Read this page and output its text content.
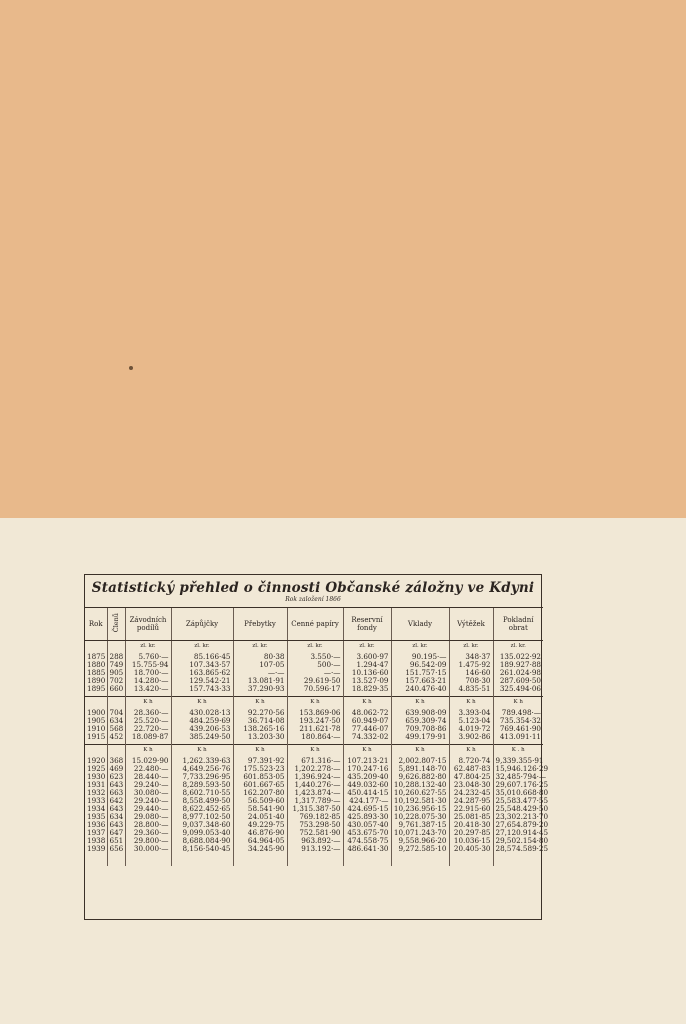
Statistický přehled o činnosti Občanské záložny ve Kdyni
Rok založení 1866
Rok	Členů	Závodních podílů	Zápůjčky	Přebytky	Cenné papíry	Reservní fondy	Vklady	Výtěžek	Pokladní obrat
		zl. kr.	zl. kr.	zl. kr.	zl. kr.	zl. kr.	zl. kr.	zl. kr.	zl. kr.
1875	288	5.760·—	85.166·45	80·38	3.550·—	3.600·97	90.195·—	348·37	135.022·92
1880	749	15.755·94	107.343·57	107·05	500·—	1.294·47	96.542·09	1.475·92	189.927·88
1885	905	18.700·—	163.865·62	—·—	—·—	10.136·60	151.757·15	146·60	261.024·98
1890	702	14.280·—	129.542·21	13.081·91	29.619·50	13.527·09	157.663·21	708·30	287.609·50
1895	660	13.420·—	157.743·33	37.290·93	70.596·17	18.829·35	240.476·40	4.835·51	325.494·06

		K h	K h	K h	K h	K h	K h	K h	K h
1900	704	28.360·—	430.028·13	92.270·56	153.869·06	48.062·72	639.908·09	3.393·04	789.498·—
1905	634	25.520·—	484.259·69	36.714·08	193.247·50	60.949·07	659.309·74	5.123·04	735.354·32
1910	568	22.720·—	439.206·53	138.265·16	211.621·78	77.446·07	709.708·86	4.019·72	769.461·90
1915	452	18.089·87	385.249·50	13.203·30	180.864·—	74.332·02	499.179·91	3.902·86	413.091·11

		K h	K h	K h	K h	K h	K h	K h	K . h
1920	368	15.029·90	1,262.339·63	97.391·92	671.316·—	107.213·21	2,002.807·15	8.720·74	9,339.355·91
1925	469	22.480·—	4,649.256·76	175.523·23	1,202.278·—	170.247·16	5,891.148·70	62.487·83	15,946.126·29
1930	623	28.440·—	7,733.296·95	601.853·05	1,396.924·—	435.209·40	9,626.882·80	47.804·25	32,485·794·—
1931	643	29.240·—	8,289.593·50	601.667·65	1,440.276·—	449.032·60	10,288.132·40	23.048·30	29,607.176·25
1932	663	30.080·—	8,602.710·55	162.207·80	1,423.874·—	450.414·15	10,260.627·55	24.232·45	35,010.668·80
1933	642	29.240·—	8,558.499·50	56.509·60	1,317.789·—	424.177·—	10,192.581·30	24.287·95	25,583.477·55
1934	643	29.440·—	8,622.452·65	58.541·90	1,315.387·50	424.695·15	10,236.956·15	22.915·60	25,548.429·50
1935	634	29.080·—	8,977.102·50	24.051·40	769.182·85	425.893·30	10,228.075·30	25.081·85	23,302.213·70
1936	643	28.800·—	9,037.348·60	49.229·75	753.298·50	430.057·40	9,761.387·15	20.418·30	27,654.879·20
1937	647	29.360·—	9,099.053·40	46.876·90	752.581·90	453.675·70	10,071.243·70	20.297·85	27,120.914·45
1938	651	29.800·—	8,688.084·90	64.964·05	963.892·—	474.558·75	9,558.966·20	10.036·15	29,502.154·80
1939	656	30.000·—	8,156·540·45	34.245·90	913.192·—	486.641·30	9,272.585·10	20.405·30	28,574.589·25
